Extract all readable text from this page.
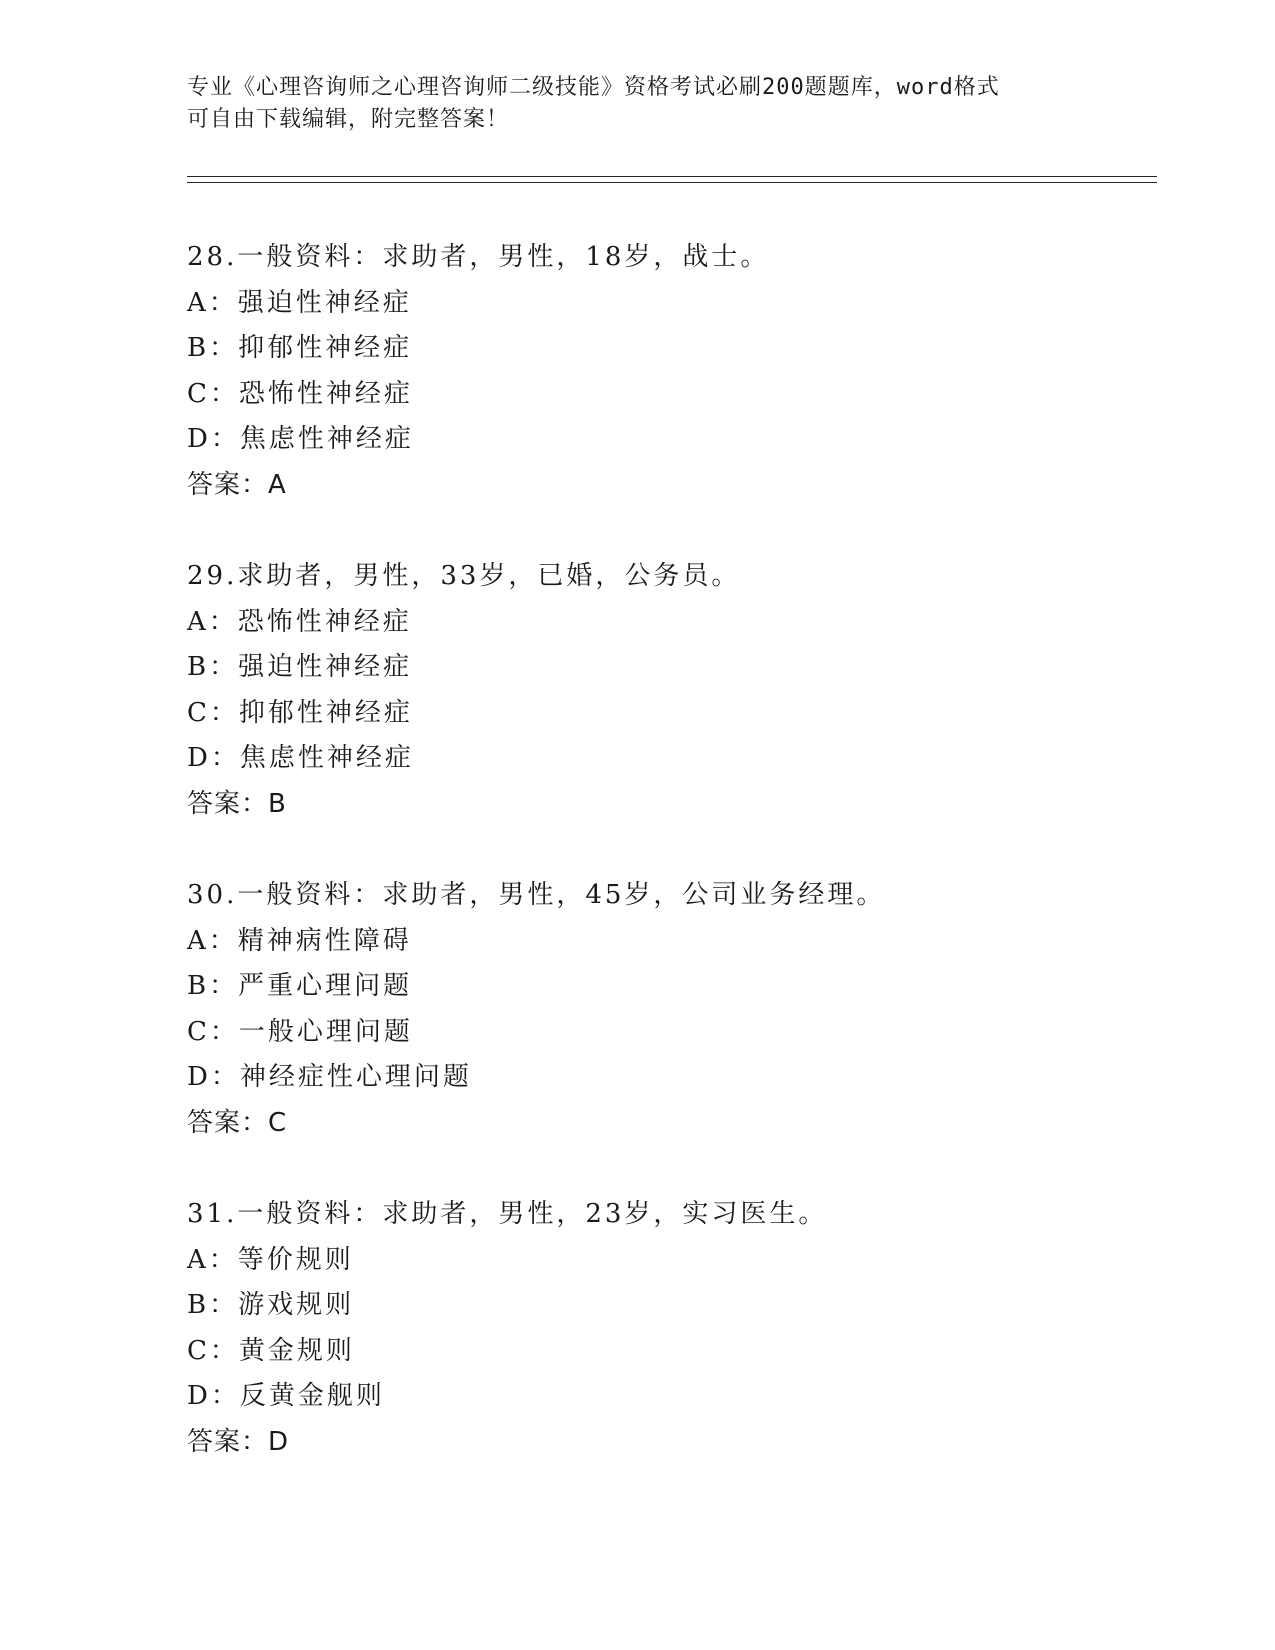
专业《心理咨询师之心理咨询师二级技能》资格考试必刷200题题库，word格式
可自由下载编辑，附完整答案！
28.一般资料：求助者，男性，18岁，战士。
A：强迫性神经症
B：抑郁性神经症
C：恐怖性神经症
D：焦虑性神经症
答案：A
29.求助者，男性，33岁，已婚，公务员。
A：恐怖性神经症
B：强迫性神经症
C：抑郁性神经症
D：焦虑性神经症
答案：B
30.一般资料：求助者，男性，45岁，公司业务经理。
A：精神病性障碍
B：严重心理问题
C：一般心理问题
D：神经症性心理问题
答案：C
31.一般资料：求助者，男性，23岁，实习医生。
A：等价规则
B：游戏规则
C：黄金规则
D：反黄金舰则
答案：D
